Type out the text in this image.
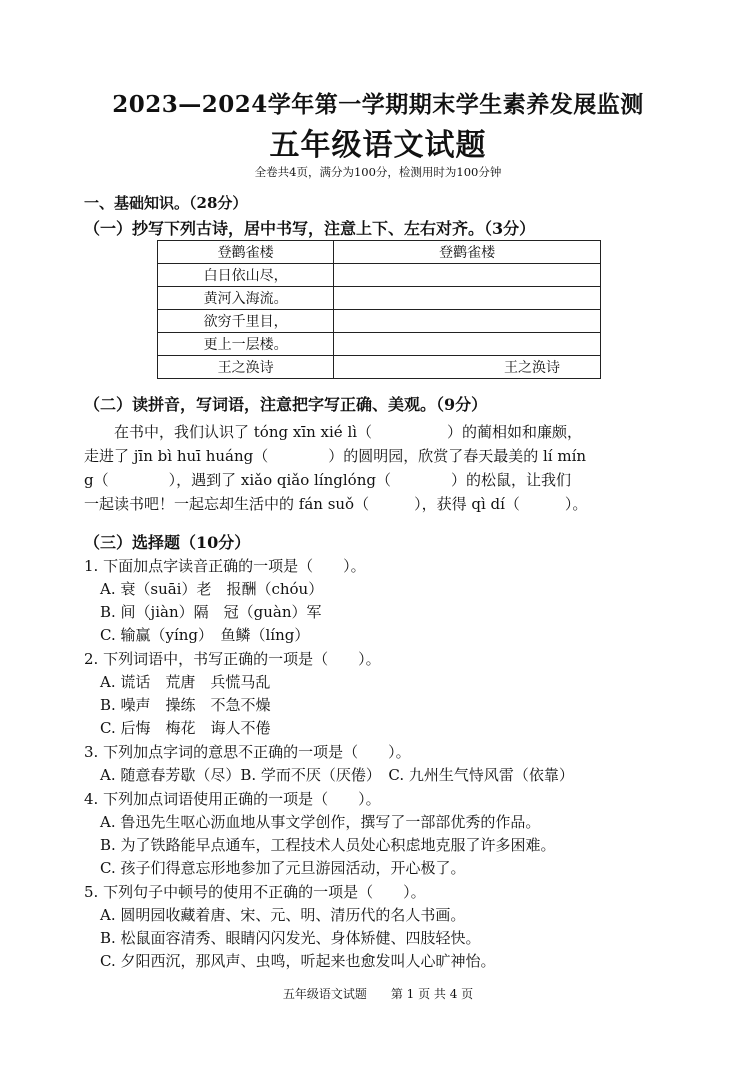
2023—2024学年第一学期期末学生素养发展监测
五年级语文试题
全卷共4页，满分为100分，检测用时为100分钟
一、基础知识。（28分）
（一）抄写下列古诗，居中书写，注意上下、左右对齐。（3分）
登鹳雀楼	登鹳雀楼
白日依山尽，	
黄河入海流。	
欲穷千里目，	
更上一层楼。	
王之涣诗	王之涣诗
（二）读拼音，写词语，注意把字写正确、美观。（9分）

　　在书中，我们认识了 tóng xīn xié lì（　　　　　）的蔺相如和廉颇，

走进了 jīn bì huī huáng（　　　　）的圆明园，欣赏了春天最美的 lí mín

g（　　　　），遇到了 xiǎo qiǎo línglóng（　　　　）的松鼠，让我们

一起读书吧！一起忘却生活中的 fán suǒ（　　　），获得 qì dí（　　　）。

（三）选择题（10分）
1. 下面加点字读音正确的一项是（　　）。
A. 衰（suāi）老　报酬（chóu）
B. 间（jiàn）隔　冠（guàn）军
C. 输赢（yíng）　鱼鳞（líng）
2. 下列词语中，书写正确的一项是（　　）。
A. 谎话　荒唐　兵慌马乱
B. 噪声　操练　不急不燥
C. 后悔　梅花　诲人不倦
3. 下列加点字词的意思不正确的一项是（　　）。
A. 随意春芳歇（尽）B. 学而不厌（厌倦）　C. 九州生气恃风雷（依靠）
4. 下列加点词语使用正确的一项是（　　）。
A. 鲁迅先生呕心沥血地从事文学创作，撰写了一部部优秀的作品。
B. 为了铁路能早点通车，工程技术人员处心积虑地克服了许多困难。
C. 孩子们得意忘形地参加了元旦游园活动，开心极了。
5. 下列句子中顿号的使用不正确的一项是（　　）。
A. 圆明园收藏着唐、宋、元、明、清历代的名人书画。
B. 松鼠面容清秀、眼睛闪闪发光、身体矫健、四肢轻快。
C. 夕阳西沉，那风声、虫鸣，听起来也愈发叫人心旷神怡。
五年级语文试题　　第 1 页 共 4 页
